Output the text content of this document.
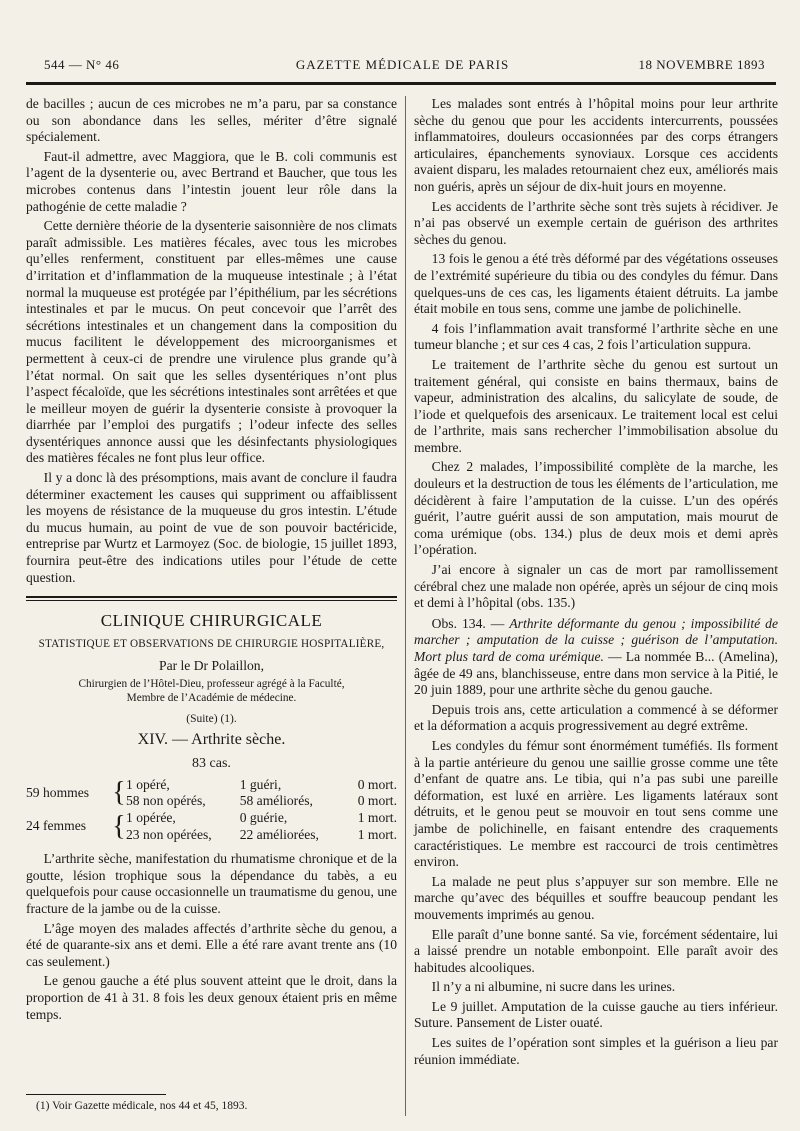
544 — N° 46	GAZETTE MÉDICALE DE PARIS	18 NOVEMBRE 1893

de bacilles ; aucun de ces microbes ne m’a paru, par sa constance ou son abondance dans les selles, mériter d’être signalé spécialement.

Faut-il admettre, avec Maggiora, que le B. coli communis est l’agent de la dysenterie ou, avec Bertrand et Baucher, que tous les microbes contenus dans l’intestin jouent leur rôle dans la pathogénie de cette maladie ?

Cette dernière théorie de la dysenterie saisonnière de nos climats paraît admissible. Les matières fécales, avec tous les microbes qu’elles renferment, constituent par elles-mêmes une cause d’irritation et d’inflammation de la muqueuse intestinale ; à l’état normal la muqueuse est protégée par l’épithélium, par les sécrétions intestinales et par le mucus. On peut concevoir que l’arrêt des sécrétions intestinales et un changement dans la composition du mucus facilitent le développement des microorganismes et permettent à ceux-ci de prendre une virulence plus grande qu’à l’état normal. On sait que les selles dysentériques n’ont plus l’aspect fécaloïde, que les sécrétions intestinales sont arrêtées et que le meilleur moyen de guérir la dysenterie consiste à provoquer la diarrhée par l’emploi des purgatifs ; l’odeur infecte des selles dysentériques annonce aussi que les désinfectants physiologiques des matières fécales ne font plus leur office.

Il y a donc là des présomptions, mais avant de conclure il faudra déterminer exactement les causes qui suppriment ou affaiblissent les moyens de résistance de la muqueuse du gros intestin. L’étude du mucus humain, au point de vue de son pouvoir bactéricide, entreprise par Wurtz et Larmoyez (Soc. de biologie, 15 juillet 1893, fournira peut-être des indications utiles pour l’étude de cette question.

CLINIQUE CHIRURGICALE
STATISTIQUE ET OBSERVATIONS DE CHIRURGIE HOSPITALIÈRE,
Par le Dr Polaillon,
Chirurgien de l’Hôtel-Dieu, professeur agrégé à la Faculté,
Membre de l’Académie de médecine.
(Suite) (1).
XIV. — Arthrite sèche.
83 cas.
59 hommes	{	1 opéré,	1 guéri,	0 mort.
		58 non opérés,	58 améliorés,	0 mort.
24 femmes	{	1 opérée,	0 guérie,	1 mort.
		23 non opérées,	22 améliorées,	1 mort.

L’arthrite sèche, manifestation du rhumatisme chronique et de la goutte, lésion trophique sous la dépendance du tabès, a eu quelquefois pour cause occasionnelle un traumatisme du genou, une fracture de la jambe ou de la cuisse.

L’âge moyen des malades affectés d’arthrite sèche du genou, a été de quarante-six ans et demi. Elle a été rare avant trente ans (10 cas seulement.)

Le genou gauche a été plus souvent atteint que le droit, dans la proportion de 41 à 31. 8 fois les deux genoux étaient pris en même temps.

Les malades sont entrés à l’hôpital moins pour leur arthrite sèche du genou que pour les accidents intercurrents, poussées inflammatoires, douleurs occasionnées par des corps étrangers articulaires, épanchements synoviaux. Lorsque ces accidents avaient disparu, les malades retournaient chez eux, améliorés mais non guéris, après un séjour de dix-huit jours en moyenne.

Les accidents de l’arthrite sèche sont très sujets à récidiver. Je n’ai pas observé un exemple certain de guérison des arthrites sèches du genou.

13 fois le genou a été très déformé par des végétations osseuses de l’extrémité supérieure du tibia ou des condyles du fémur. Dans quelques-uns de ces cas, les ligaments étaient détruits. La jambe était mobile en tous sens, comme une jambe de polichinelle.

4 fois l’inflammation avait transformé l’arthrite sèche en une tumeur blanche ; et sur ces 4 cas, 2 fois l’articulation suppura.

Le traitement de l’arthrite sèche du genou est surtout un traitement général, qui consiste en bains thermaux, bains de vapeur, administration des alcalins, du salicylate de soude, de l’iode et quelquefois des arsenicaux. Le traitement local est celui de l’arthrite, mais sans rechercher l’immobilisation absolue du membre.

Chez 2 malades, l’impossibilité complète de la marche, les douleurs et la destruction de tous les éléments de l’articulation, me décidèrent à faire l’amputation de la cuisse. L’un des opérés guérit, l’autre guérit aussi de son amputation, mais mourut de coma urémique (obs. 134.) plus de deux mois et demi après l’opération.

J’ai encore à signaler un cas de mort par ramollissement cérébral chez une malade non opérée, après un séjour de cinq mois et demi à l’hôpital (obs. 135.)

Obs. 134. — Arthrite déformante du genou ; impossibilité de marcher ; amputation de la cuisse ; guérison de l’amputation. Mort plus tard de coma urémique. — La nommée B... (Amelina), âgée de 49 ans, blanchisseuse, entre dans mon service à la Pitié, le 20 juin 1889, pour une arthrite sèche du genou gauche.

Depuis trois ans, cette articulation a commencé à se déformer et la déformation a acquis progressivement au degré extrême.

Les condyles du fémur sont énormément tuméfiés. Ils forment à la partie antérieure du genou une saillie grosse comme une tête d’enfant de quatre ans. Le tibia, qui n’a pas subi une pareille déformation, est luxé en arrière. Les ligaments latéraux sont détruits, et le genou peut se mouvoir en tout sens comme une jambe de polichinelle, en faisant entendre des craquements caractéristiques. Le membre est raccourci de trois centimètres environ.

La malade ne peut plus s’appuyer sur son membre. Elle ne marche qu’avec des béquilles et souffre beaucoup pendant les mouvements imprimés au genou.

Elle paraît d’une bonne santé. Sa vie, forcément sédentaire, lui a laissé prendre un notable embonpoint. Elle paraît avoir des habitudes alcooliques.

Il n’y a ni albumine, ni sucre dans les urines.

Le 9 juillet. Amputation de la cuisse gauche au tiers inférieur. Suture. Pansement de Lister ouaté.

Les suites de l’opération sont simples et la guérison a lieu par réunion immédiate.

(1) Voir Gazette médicale, nos 44 et 45, 1893.
